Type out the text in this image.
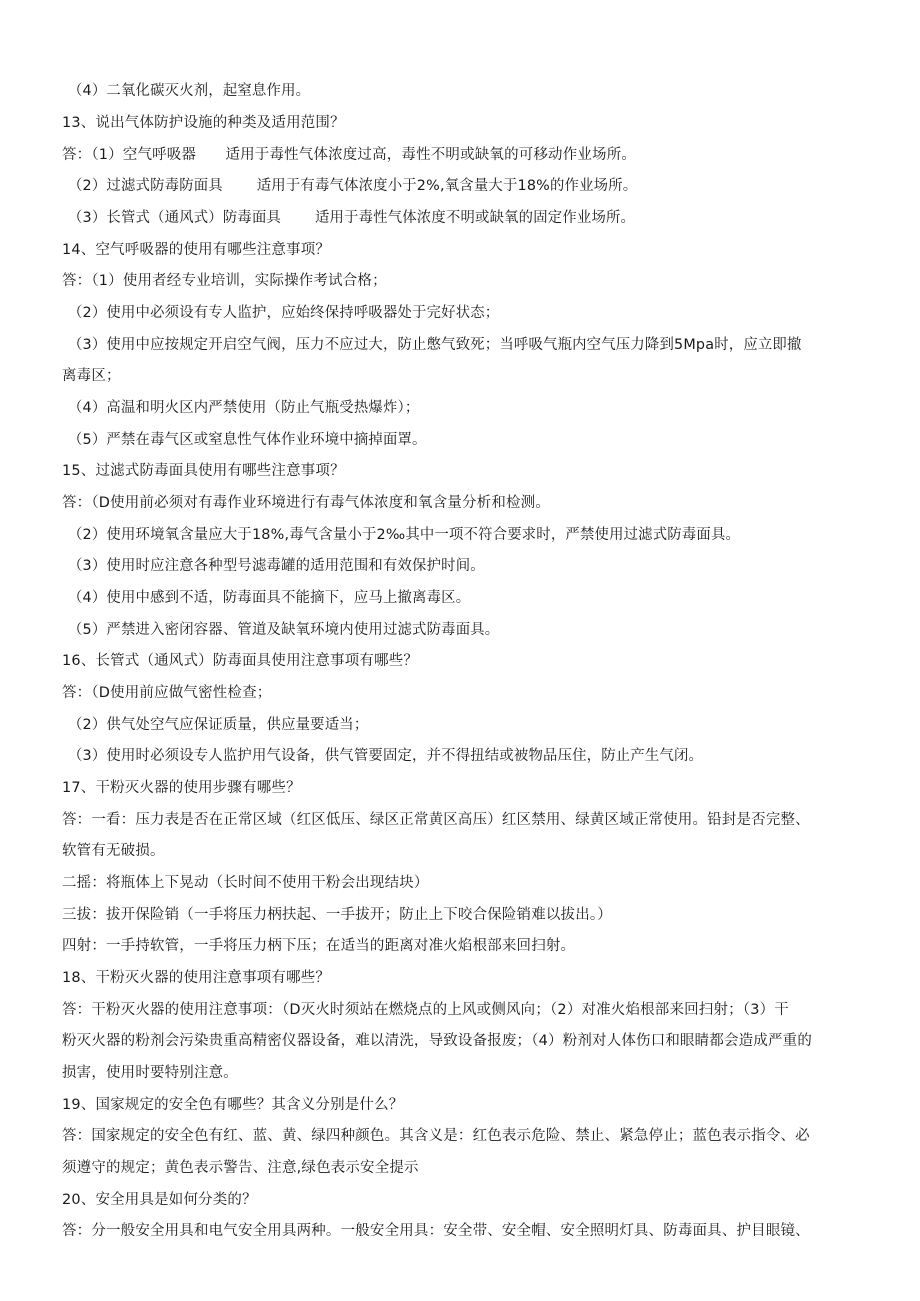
（4）二氧化碳灭火剂，起窒息作用。
13、说出气体防护设施的种类及适用范围？
答：（1）空气呼吸器　　适用于毒性气体浓度过高，毒性不明或缺氧的可移动作业场所。
（2）过滤式防毒防面具　　 适用于有毒气体浓度小于2%,氧含量大于18%的作业场所。
（3）长管式（通风式）防毒面具　　 适用于毒性气体浓度不明或缺氧的固定作业场所。
14、空气呼吸器的使用有哪些注意事项？
答：（1）使用者经专业培训，实际操作考试合格；
（2）使用中必须设有专人监护，应始终保持呼吸器处于完好状态；
（3）使用中应按规定开启空气阀，压力不应过大，防止憋气致死；当呼吸气瓶内空气压力降到5Mpa时，应立即撤
离毒区；
（4）高温和明火区内严禁使用（防止气瓶受热爆炸）；
（5）严禁在毒气区或窒息性气体作业环境中摘掉面罩。
15、过滤式防毒面具使用有哪些注意事项？
答：（D使用前必须对有毒作业环境进行有毒气体浓度和氧含量分析和检测。
（2）使用环境氧含量应大于18%,毒气含量小于2‰其中一项不符合要求时，严禁使用过滤式防毒面具。
（3）使用时应注意各种型号滤毒罐的适用范围和有效保护时间。
（4）使用中感到不适，防毒面具不能摘下，应马上撤离毒区。
（5）严禁进入密闭容器、管道及缺氧环境内使用过滤式防毒面具。
16、长管式（通风式）防毒面具使用注意事项有哪些？
答：（D使用前应做气密性检查；
（2）供气处空气应保证质量，供应量要适当；
（3）使用时必须设专人监护用气设备，供气管要固定，并不得扭结或被物品压住，防止产生气闭。
17、干粉灭火器的使用步骤有哪些？
答：一看：压力表是否在正常区域（红区低压、绿区正常黄区高压）红区禁用、绿黄区域正常使用。铅封是否完整、
软管有无破损。
二摇：将瓶体上下晃动（长时间不使用干粉会出现结块）
三拔：拔开保险销（一手将压力柄扶起、一手拔开；防止上下咬合保险销难以拔出。）
四射：一手持软管，一手将压力柄下压；在适当的距离对准火焰根部来回扫射。
18、干粉灭火器的使用注意事项有哪些？
答：干粉灭火器的使用注意事项：（D灭火时须站在燃烧点的上风或侧风向；（2）对准火焰根部来回扫射；（3）干
粉灭火器的粉剂会污染贵重高精密仪器设备，难以清洗，导致设备报废；（4）粉剂对人体伤口和眼睛都会造成严重的
损害，使用时要特别注意。
19、国家规定的安全色有哪些？其含义分别是什么？
答：国家规定的安全色有红、蓝、黄、绿四种颜色。其含义是：红色表示危险、禁止、紧急停止；蓝色表示指令、必
须遵守的规定；黄色表示警告、注意,绿色表示安全提示
20、安全用具是如何分类的？
答：分一般安全用具和电气安全用具两种。一般安全用具：安全带、安全帽、安全照明灯具、防毒面具、护目眼镜、
